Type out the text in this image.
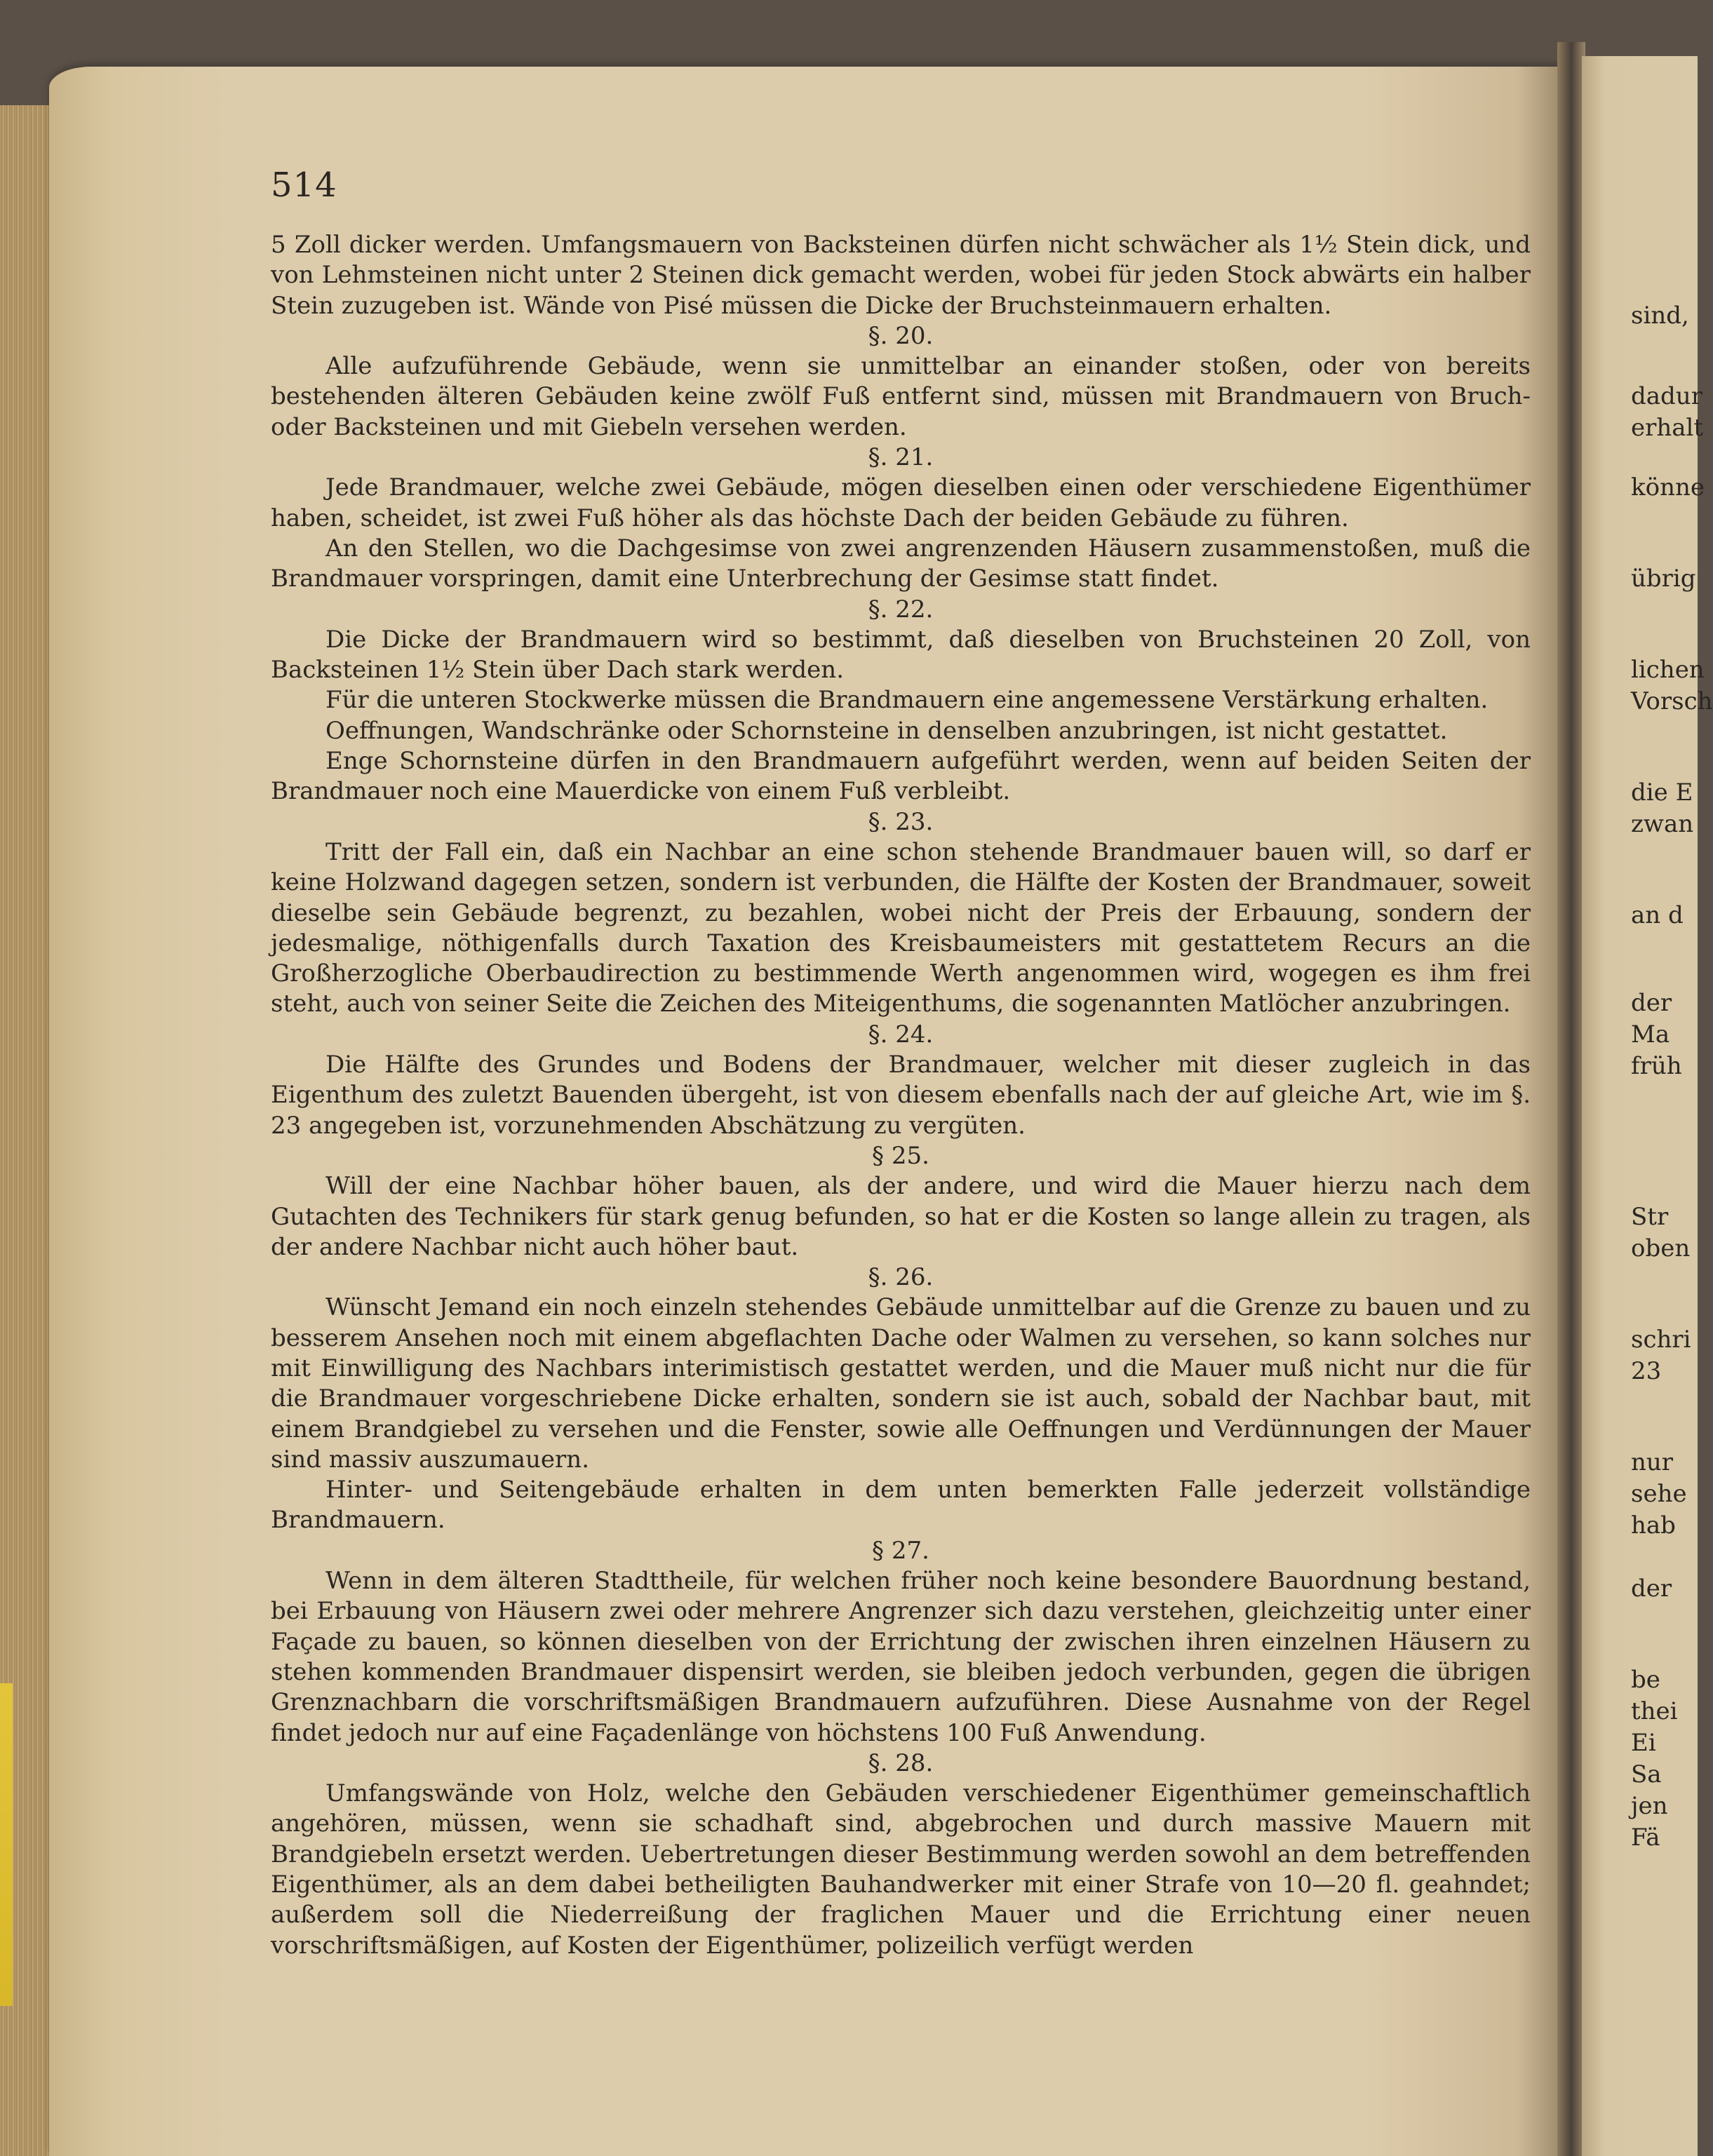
514

5 Zoll dicker werden. Umfangsmauern von Backsteinen dürfen nicht schwächer als 1½ Stein dick, und von Lehmsteinen nicht unter 2 Steinen dick gemacht werden, wobei für jeden Stock abwärts ein halber Stein zuzugeben ist. Wände von Pisé müssen die Dicke der Bruchsteinmauern erhalten.

§. 20.

Alle aufzuführende Gebäude, wenn sie unmittelbar an einander stoßen, oder von bereits bestehenden älteren Gebäuden keine zwölf Fuß entfernt sind, müssen mit Brandmauern von Bruch- oder Backsteinen und mit Giebeln versehen werden.

§. 21.

Jede Brandmauer, welche zwei Gebäude, mögen dieselben einen oder verschiedene Eigenthümer haben, scheidet, ist zwei Fuß höher als das höchste Dach der beiden Gebäude zu führen.

An den Stellen, wo die Dachgesimse von zwei angrenzenden Häusern zusammenstoßen, muß die Brandmauer vorspringen, damit eine Unterbrechung der Gesimse statt findet.

§. 22.

Die Dicke der Brandmauern wird so bestimmt, daß dieselben von Bruchsteinen 20 Zoll, von Backsteinen 1½ Stein über Dach stark werden.

Für die unteren Stockwerke müssen die Brandmauern eine angemessene Verstärkung erhalten.

Oeffnungen, Wandschränke oder Schornsteine in denselben anzubringen, ist nicht gestattet.

Enge Schornsteine dürfen in den Brandmauern aufgeführt werden, wenn auf beiden Seiten der Brandmauer noch eine Mauerdicke von einem Fuß verbleibt.

§. 23.

Tritt der Fall ein, daß ein Nachbar an eine schon stehende Brandmauer bauen will, so darf er keine Holzwand dagegen setzen, sondern ist verbunden, die Hälfte der Kosten der Brandmauer, soweit dieselbe sein Gebäude begrenzt, zu bezahlen, wobei nicht der Preis der Erbauung, sondern der jedesmalige, nöthigenfalls durch Taxation des Kreisbaumeisters mit gestattetem Recurs an die Großherzogliche Oberbaudirection zu bestimmende Werth angenommen wird, wogegen es ihm frei steht, auch von seiner Seite die Zeichen des Miteigenthums, die sogenannten Matlöcher anzubringen.

§. 24.

Die Hälfte des Grundes und Bodens der Brandmauer, welcher mit dieser zugleich in das Eigenthum des zuletzt Bauenden übergeht, ist von diesem ebenfalls nach der auf gleiche Art, wie im §. 23 angegeben ist, vorzunehmenden Abschätzung zu vergüten.

§ 25.

Will der eine Nachbar höher bauen, als der andere, und wird die Mauer hierzu nach dem Gutachten des Technikers für stark genug befunden, so hat er die Kosten so lange allein zu tragen, als der andere Nachbar nicht auch höher baut.

§. 26.

Wünscht Jemand ein noch einzeln stehendes Gebäude unmittelbar auf die Grenze zu bauen und zu besserem Ansehen noch mit einem abgeflachten Dache oder Walmen zu versehen, so kann solches nur mit Einwilligung des Nachbars interimistisch gestattet werden, und die Mauer muß nicht nur die für die Brandmauer vorgeschriebene Dicke erhalten, sondern sie ist auch, sobald der Nachbar baut, mit einem Brandgiebel zu versehen und die Fenster, sowie alle Oeffnungen und Verdünnungen der Mauer sind massiv auszumauern.

Hinter- und Seitengebäude erhalten in dem unten bemerkten Falle jederzeit vollständige Brandmauern.

§ 27.

Wenn in dem älteren Stadttheile, für welchen früher noch keine besondere Bauordnung bestand, bei Erbauung von Häusern zwei oder mehrere Angrenzer sich dazu verstehen, gleichzeitig unter einer Façade zu bauen, so können dieselben von der Errichtung der zwischen ihren einzelnen Häusern zu stehen kommenden Brandmauer dispensirt werden, sie bleiben jedoch verbunden, gegen die übrigen Grenznachbarn die vorschriftsmäßigen Brandmauern aufzuführen. Diese Ausnahme von der Regel findet jedoch nur auf eine Façadenlänge von höchstens 100 Fuß Anwendung.

§. 28.

Umfangswände von Holz, welche den Gebäuden verschiedener Eigenthümer gemeinschaftlich angehören, müssen, wenn sie schadhaft sind, abgebrochen und durch massive Mauern mit Brandgiebeln ersetzt werden. Uebertretungen dieser Bestimmung werden sowohl an dem betreffenden Eigenthümer, als an dem dabei betheiligten Bauhandwerker mit einer Strafe von 10—20 fl. geahndet; außerdem soll die Niederreißung der fraglichen Mauer und die Errichtung einer neuen vorschriftsmäßigen, auf Kosten der Eigenthümer, polizeilich verfügt werden

sind,
dadur
erhalt
könne
übrig
lichen
Vorsch
die E
zwan
an d
der
Ma
früh
Str
oben
schri
23
nur
sehe
hab
der
be
thei
Ei
Sa
jen
Fä
